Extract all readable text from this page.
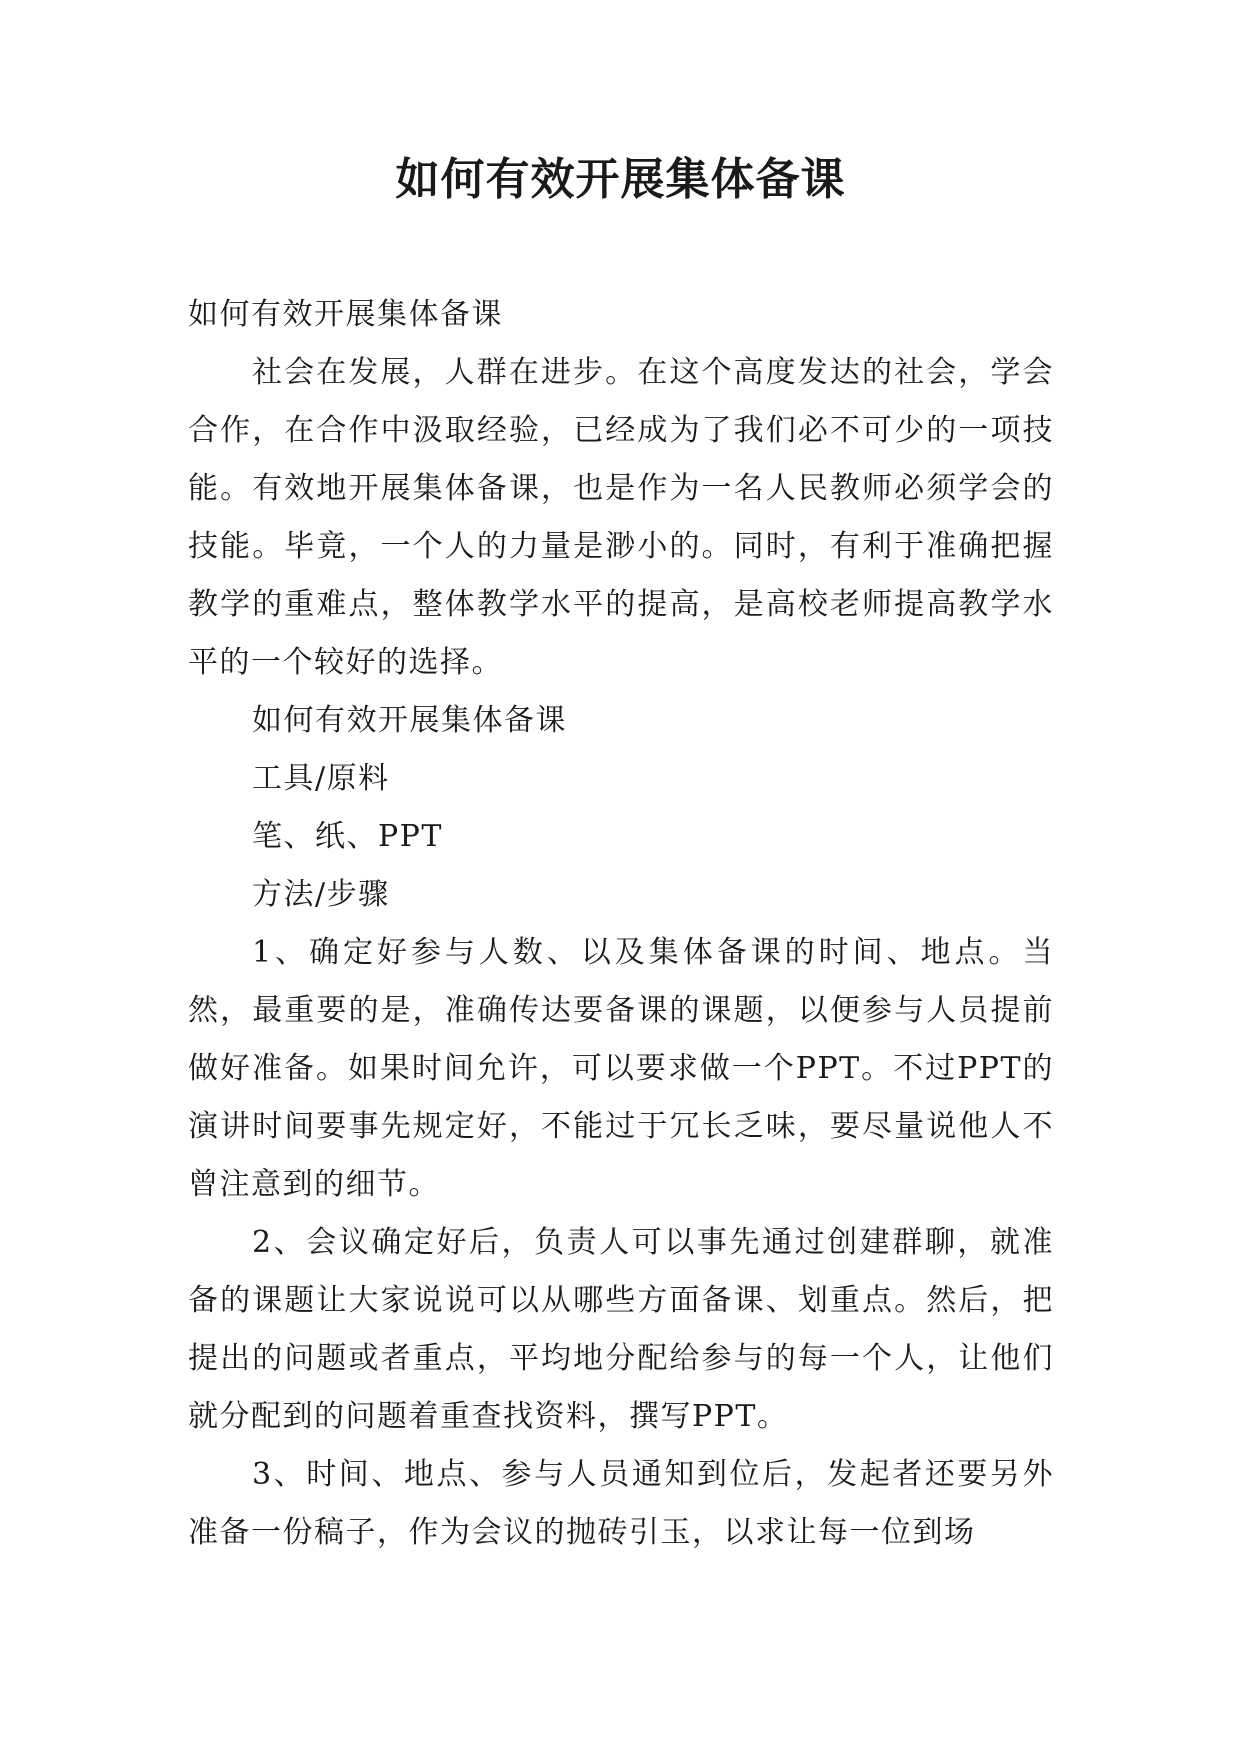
如何有效开展集体备课

如何有效开展集体备课

社会在发展，人群在进步。在这个高度发达的社会，学会合作，在合作中汲取经验，已经成为了我们必不可少的一项技能。有效地开展集体备课，也是作为一名人民教师必须学会的技能。毕竟，一个人的力量是渺小的。同时，有利于准确把握教学的重难点，整体教学水平的提高，是高校老师提高教学水平的一个较好的选择。

如何有效开展集体备课

工具/原料

笔、纸、PPT

方法/步骤

1、确定好参与人数、以及集体备课的时间、地点。当然，最重要的是，准确传达要备课的课题，以便参与人员提前做好准备。如果时间允许，可以要求做一个PPT。不过PPT的演讲时间要事先规定好，不能过于冗长乏味，要尽量说他人不曾注意到的细节。

2、会议确定好后，负责人可以事先通过创建群聊，就准备的课题让大家说说可以从哪些方面备课、划重点。然后，把提出的问题或者重点，平均地分配给参与的每一个人，让他们就分配到的问题着重查找资料，撰写PPT。

3、时间、地点、参与人员通知到位后，发起者还要另外准备一份稿子，作为会议的抛砖引玉，以求让每一位到场
